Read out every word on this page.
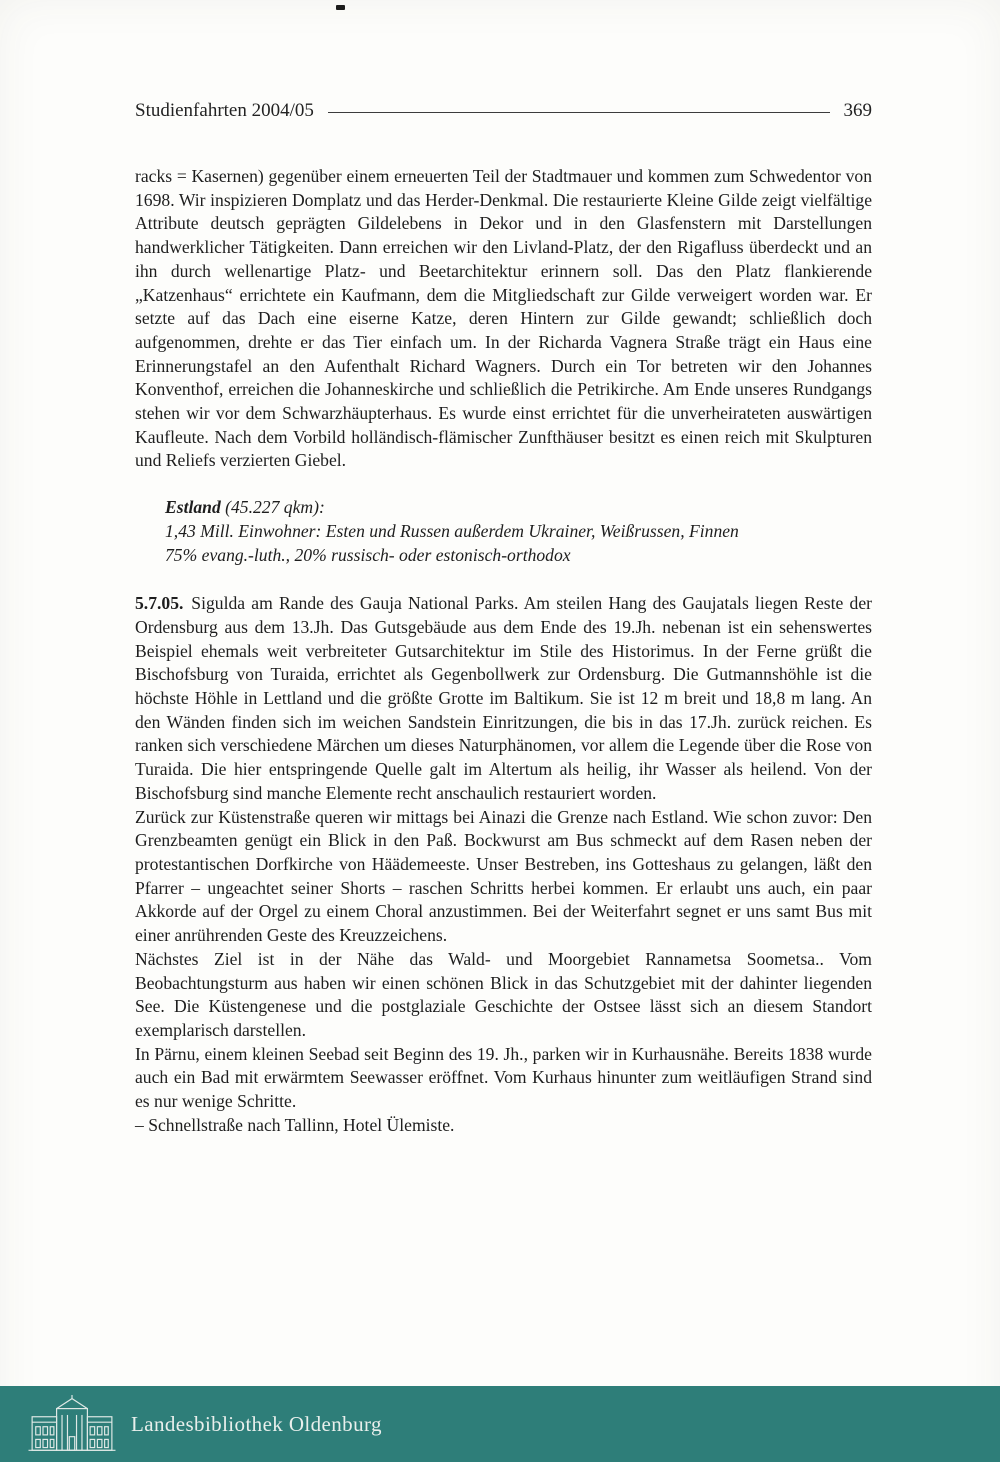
Studienfahrten 2004/05	369

racks = Kasernen) gegenüber einem erneuerten Teil der Stadtmauer und kommen zum Schwedentor von 1698. Wir inspizieren Domplatz und das Herder-Denkmal. Die restaurierte Kleine Gilde zeigt vielfältige Attribute deutsch geprägten Gildelebens in Dekor und in den Glasfenstern mit Darstellungen handwerklicher Tätigkeiten. Dann erreichen wir den Livland-Platz, der den Rigafluss überdeckt und an ihn durch wellenartige Platz- und Beetarchitektur erinnern soll. Das den Platz flankierende „Katzenhaus“ errichtete ein Kaufmann, dem die Mitgliedschaft zur Gilde verweigert worden war. Er setzte auf das Dach eine eiserne Katze, deren Hintern zur Gilde gewandt; schließlich doch aufgenommen, drehte er das Tier einfach um. In der Richarda Vagnera Straße trägt ein Haus eine Erinnerungstafel an den Aufenthalt Richard Wagners. Durch ein Tor betreten wir den Johannes Konventhof, erreichen die Johanneskirche und schließlich die Petrikirche. Am Ende unseres Rundgangs stehen wir vor dem Schwarzhäupterhaus. Es wurde einst errichtet für die unverheirateten auswärtigen Kaufleute. Nach dem Vorbild holländisch-flämischer Zunfthäuser besitzt es einen reich mit Skulpturen und Reliefs verzierten Giebel.

Estland (45.227 qkm):

1,43 Mill. Einwohner: Esten und Russen außerdem Ukrainer, Weißrussen, Finnen

75% evang.-luth., 20% russisch- oder estonisch-orthodox

5.7.05. Sigulda am Rande des Gauja National Parks. Am steilen Hang des Gaujatals liegen Reste der Ordensburg aus dem 13.Jh. Das Gutsgebäude aus dem Ende des 19.Jh. nebenan ist ein sehenswertes Beispiel ehemals weit verbreiteter Gutsarchitektur im Stile des Historimus. In der Ferne grüßt die Bischofsburg von Turaida, errichtet als Gegenbollwerk zur Ordensburg. Die Gutmannshöhle ist die höchste Höhle in Lettland und die größte Grotte im Baltikum. Sie ist 12 m breit und 18,8 m lang. An den Wänden finden sich im weichen Sandstein Einritzungen, die bis in das 17.Jh. zurück reichen. Es ranken sich verschiedene Märchen um dieses Naturphänomen, vor allem die Legende über die Rose von Turaida. Die hier entspringende Quelle galt im Altertum als heilig, ihr Wasser als heilend. Von der Bischofsburg sind manche Elemente recht anschaulich restauriert worden.

Zurück zur Küstenstraße queren wir mittags bei Ainazi die Grenze nach Estland. Wie schon zuvor: Den Grenzbeamten genügt ein Blick in den Paß. Bockwurst am Bus schmeckt auf dem Rasen neben der protestantischen Dorfkirche von Häädemeeste. Unser Bestreben, ins Gotteshaus zu gelangen, läßt den Pfarrer – ungeachtet seiner Shorts – raschen Schritts herbei kommen. Er erlaubt uns auch, ein paar Akkorde auf der Orgel zu einem Choral anzustimmen. Bei der Weiterfahrt segnet er uns samt Bus mit einer anrührenden Geste des Kreuzzeichens.

Nächstes Ziel ist in der Nähe das Wald- und Moorgebiet Rannametsa Soometsa.. Vom Beobachtungsturm aus haben wir einen schönen Blick in das Schutzgebiet mit der dahinter liegenden See. Die Küstengenese und die postglaziale Geschichte der Ostsee lässt sich an diesem Standort exemplarisch darstellen.

In Pärnu, einem kleinen Seebad seit Beginn des 19. Jh., parken wir in Kurhausnähe. Bereits 1838 wurde auch ein Bad mit erwärmtem Seewasser eröffnet. Vom Kurhaus hinunter zum weitläufigen Strand sind es nur wenige Schritte.

– Schnellstraße nach Tallinn, Hotel Ülemiste.

Landesbibliothek Oldenburg
